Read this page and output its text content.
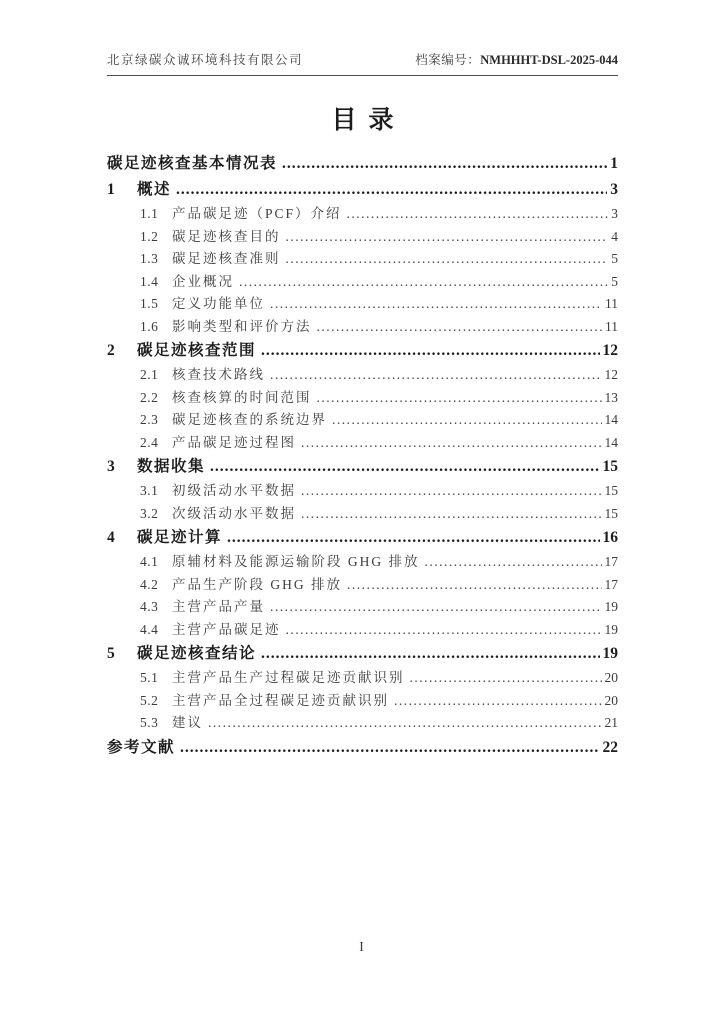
北京绿碳众诚环境科技有限公司	档案编号：NMHHHT-DSL-2025-044
目录
碳足迹核查基本情况表 .....	1
1	概述 .....	3
1.1	产品碳足迹（PCF）介绍 .....	3
1.2	碳足迹核查目的 .....	4
1.3	碳足迹核查准则 .....	5
1.4	企业概况 .....	5
1.5	定义功能单位 .....	11
1.6	影响类型和评价方法 .....	11
2	碳足迹核查范围 .....	12
2.1	核查技术路线 .....	12
2.2	核查核算的时间范围 .....	13
2.3	碳足迹核查的系统边界 .....	14
2.4	产品碳足迹过程图 .....	14
3	数据收集 .....	15
3.1	初级活动水平数据 .....	15
3.2	次级活动水平数据 .....	15
4	碳足迹计算 .....	16
4.1	原辅材料及能源运输阶段 GHG 排放 .....	17
4.2	产品生产阶段 GHG 排放 .....	17
4.3	主营产品产量 .....	19
4.4	主营产品碳足迹 .....	19
5	碳足迹核查结论 .....	19
5.1	主营产品生产过程碳足迹贡献识别 .....	20
5.2	主营产品全过程碳足迹贡献识别 .....	20
5.3	建议 .....	21
参考文献 .....	22
I
